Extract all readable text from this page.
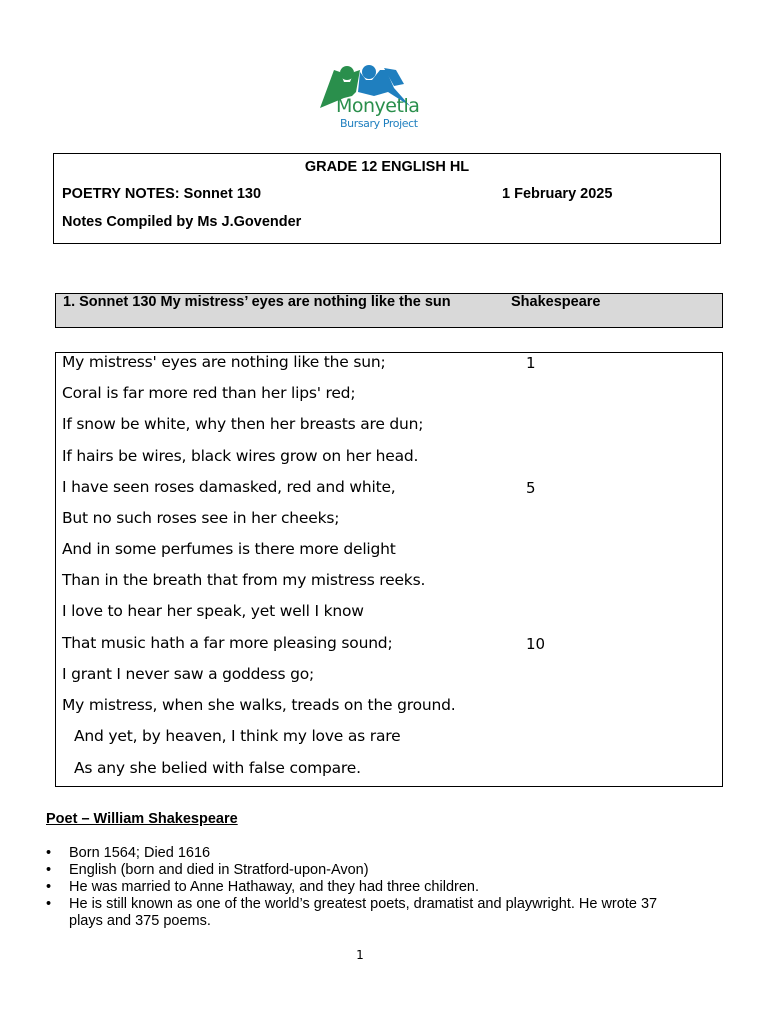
Monyetla
Bursary Project
GRADE 12 ENGLISH HL
POETRY NOTES: Sonnet 130	1 February 2025
Notes Compiled by Ms J.Govender
1. Sonnet 130 My mistress’ eyes are nothing like the sun	Shakespeare
My mistress' eyes are nothing like the sun;	1
Coral is far more red than her lips' red;
If snow be white, why then her breasts are dun;
If hairs be wires, black wires grow on her head.
I have seen roses damasked, red and white,	5
But no such roses see in her cheeks;
And in some perfumes is there more delight
Than in the breath that from my mistress reeks.
I love to hear her speak, yet well I know
That music hath a far more pleasing sound;	10
I grant I never saw a goddess go;
My mistress, when she walks, treads on the ground.
And yet, by heaven, I think my love as rare
As any she belied with false compare.
Poet – William Shakespeare
• Born 1564; Died 1616
• English (born and died in Stratford-upon-Avon)
• He was married to Anne Hathaway, and they had three children.
• He is still known as one of the world’s greatest poets, dramatist and playwright. He wrote 37 plays and 375 poems.
1
